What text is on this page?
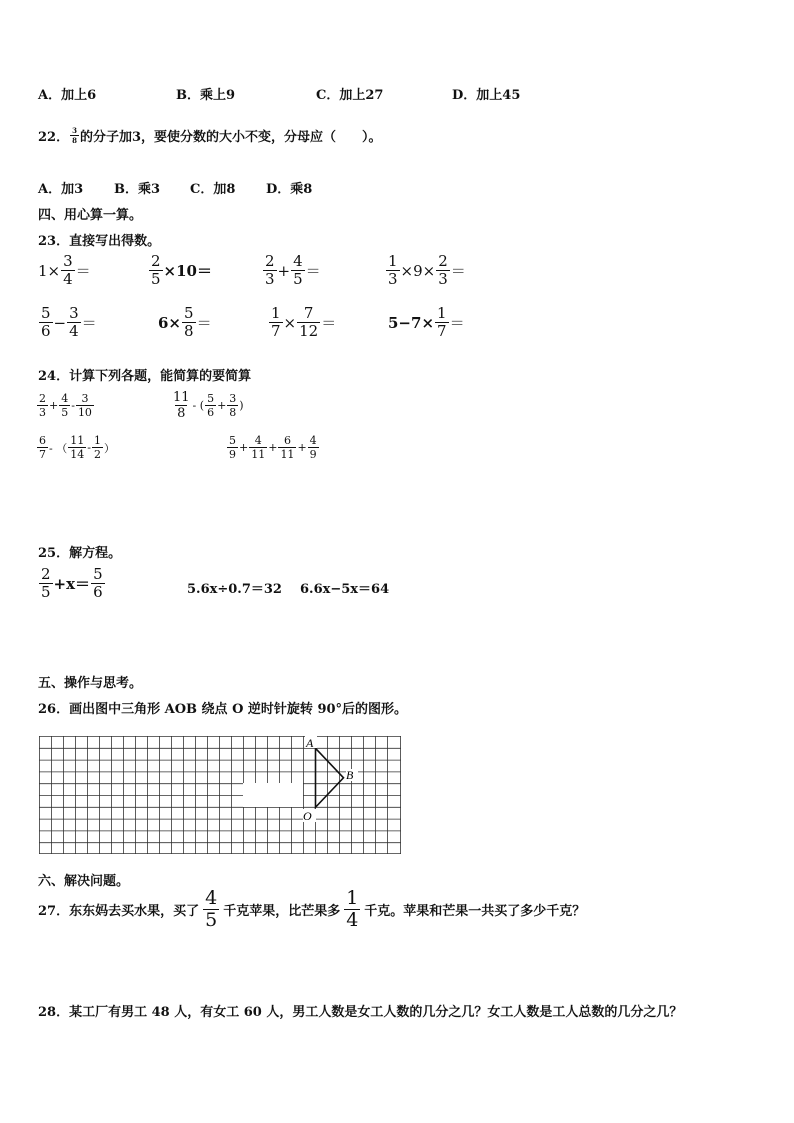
A．加上6	B．乘上9	C．加上27	D．加上45
22． $\frac{3}{8}$ 的分子加3，要使分数的大小不变，分母应（　　）。
A．加3 B．乘3 C．加8 D．乘8
四、用心算一算。
23．直接写出得数。
$1\times \frac{3}{4}$ ＝	$\frac{2}{5} \times 10=$	$\frac{2}{3} + \frac{4}{5}$ ＝	$\frac{1}{3} \times 9\times \frac{2}{3}$ ＝
$\frac{5}{6} - \frac{3}{4}$ ＝	$6\times \frac{5}{8}$ ＝	$\frac{1}{7} \times \frac{7}{12}$ ＝	$5-7\times \frac{1}{7}$ ＝
24．计算下列各题，能简算的要简算
$\frac{2}{3} + \frac{4}{5} - \frac{3}{10}$	$\frac{11}{8}$ - ( $\frac{5}{6} + \frac{3}{8}$ )
$\frac{6}{7}$ - （ $\frac{11}{14} - \frac{1}{2}$ ）	$\frac{5}{9} + \frac{4}{11} + \frac{6}{11} + \frac{4}{9}$
25．解方程。
$\frac{2}{5} +x= \frac{5}{6}$	5.6x÷0.7＝32 6.6x−5x＝64
五、操作与思考。
26．画出图中三角形 AOB 绕点 O 逆时针旋转 90°后的图形。
A
B
O
六、解决问题。
27．东东妈去买水果，买了 $\frac{4}{5}$ 千克苹果，比芒果多 $\frac{1}{4}$ 千克。苹果和芒果一共买了多少千克？
28．某工厂有男工 48 人，有女工 60 人，男工人数是女工人数的几分之几？女工人数是工人总数的几分之几？
